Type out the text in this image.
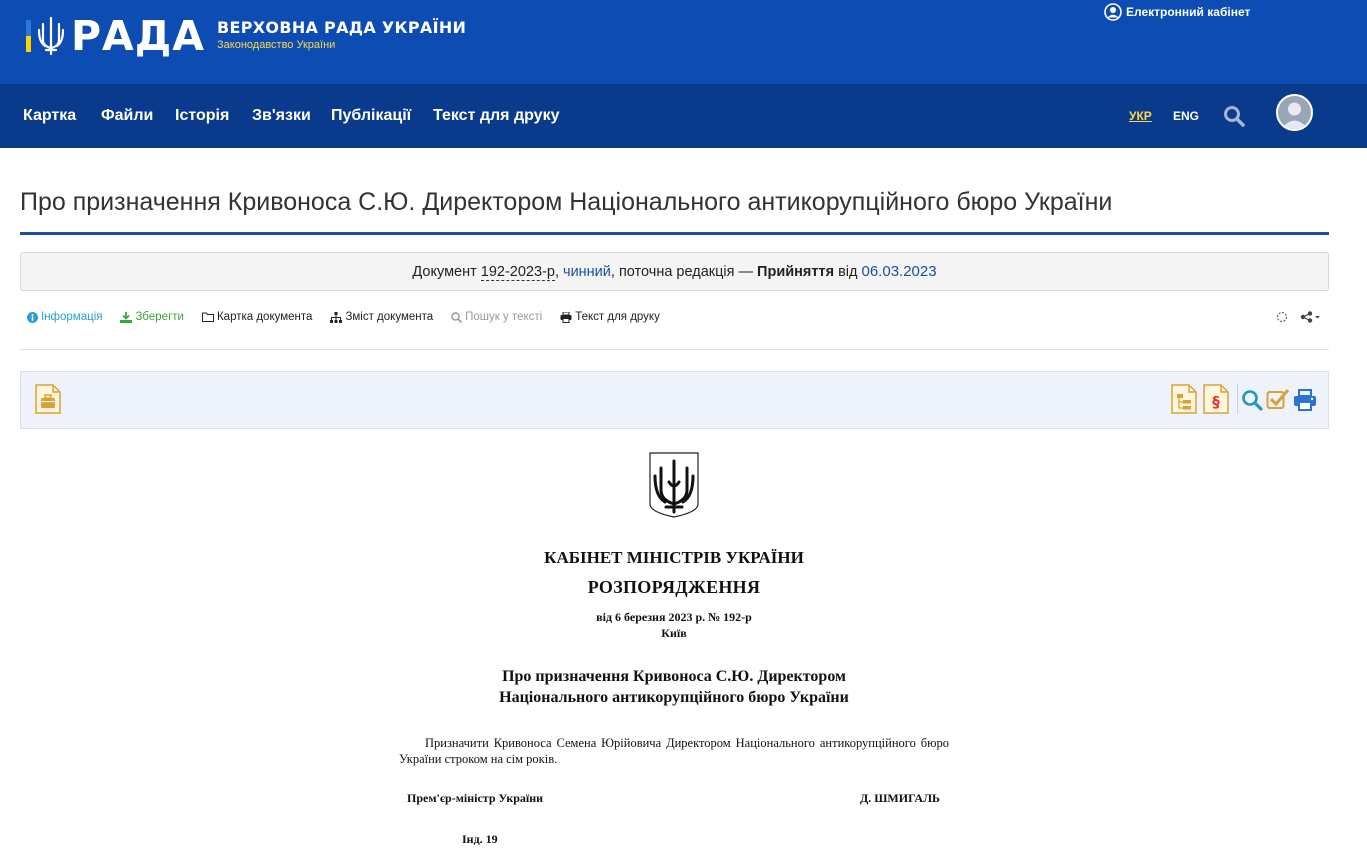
РАДА ВЕРХОВНА РАДА УКРАЇНИ
Законодавство України
Електронний кабінет
Картка Файли Історія Зв'язки Публікації Текст для друку	УКР ENG
Про призначення Кривоноса С.Ю. Директором Національного антикорупційного бюро України
Документ 192-2023-р, чинний, поточна редакція — Прийняття від 06.03.2023
Інформація	Зберегти	Картка документа	Зміст документа	Пошук у тексті	Текст для друку
§
КАБІНЕТ МІНІСТРІВ УКРАЇНИ
РОЗПОРЯДЖЕННЯ
від 6 березня 2023 р. № 192-р
Київ
Про призначення Кривоноса С.Ю. Директором
Національного антикорупційного бюро України

Призначити Кривоноса Семена Юрійовича Директором Національного антикорупційного бюро України строком на сім років.

Прем'єр-міністр України	Д. ШМИГАЛЬ
Інд. 19
